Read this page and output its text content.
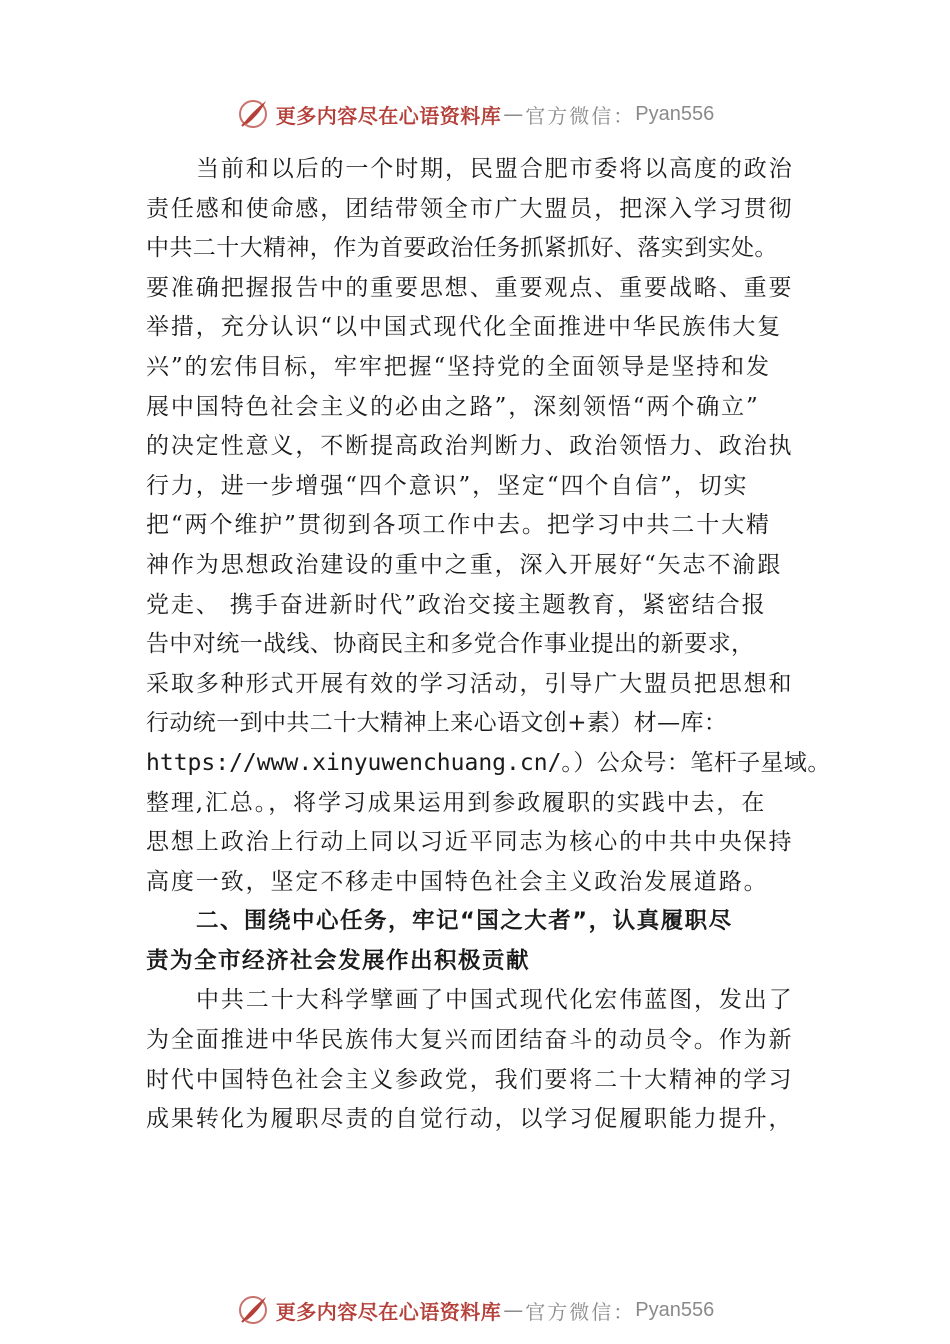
更多内容尽在心语资料库 — 官方微信： Pyan556
当前和以后的一个时期，民盟合肥市委将以高度的政治
责任感和使命感，团结带领全市广大盟员，把深入学习贯彻
中共二十大精神，作为首要政治任务抓紧抓好、落实到实处。
要准确把握报告中的重要思想、重要观点、重要战略、重要
举措，充分认识“以中国式现代化全面推进中华民族伟大复
兴”的宏伟目标，牢牢把握“坚持党的全面领导是坚持和发
展中国特色社会主义的必由之路”，深刻领悟“两个确立”
的决定性意义，不断提高政治判断力、政治领悟力、政治执
行力，进一步增强“四个意识”，坚定“四个自信”，切实
把“两个维护”贯彻到各项工作中去。把学习中共二十大精
神作为思想政治建设的重中之重，深入开展好“矢志不渝跟
党走、 携手奋进新时代”政治交接主题教育，紧密结合报
告中对统一战线、协商民主和多党合作事业提出的新要求，
采取多种形式开展有效的学习活动，引导广大盟员把思想和
行动统一到中共二十大精神上来心语文创+素）材—库：
https://www.xinyuwenchuang.cn/。）公众号：笔杆子星域。
整理,汇总。，将学习成果运用到参政履职的实践中去，在
思想上政治上行动上同以习近平同志为核心的中共中央保持
高度一致，坚定不移走中国特色社会主义政治发展道路。
二、围绕中心任务，牢记“国之大者”，认真履职尽
责为全市经济社会发展作出积极贡献
中共二十大科学擘画了中国式现代化宏伟蓝图，发出了
为全面推进中华民族伟大复兴而团结奋斗的动员令。作为新
时代中国特色社会主义参政党，我们要将二十大精神的学习
成果转化为履职尽责的自觉行动，以学习促履职能力提升，
更多内容尽在心语资料库 — 官方微信： Pyan556
